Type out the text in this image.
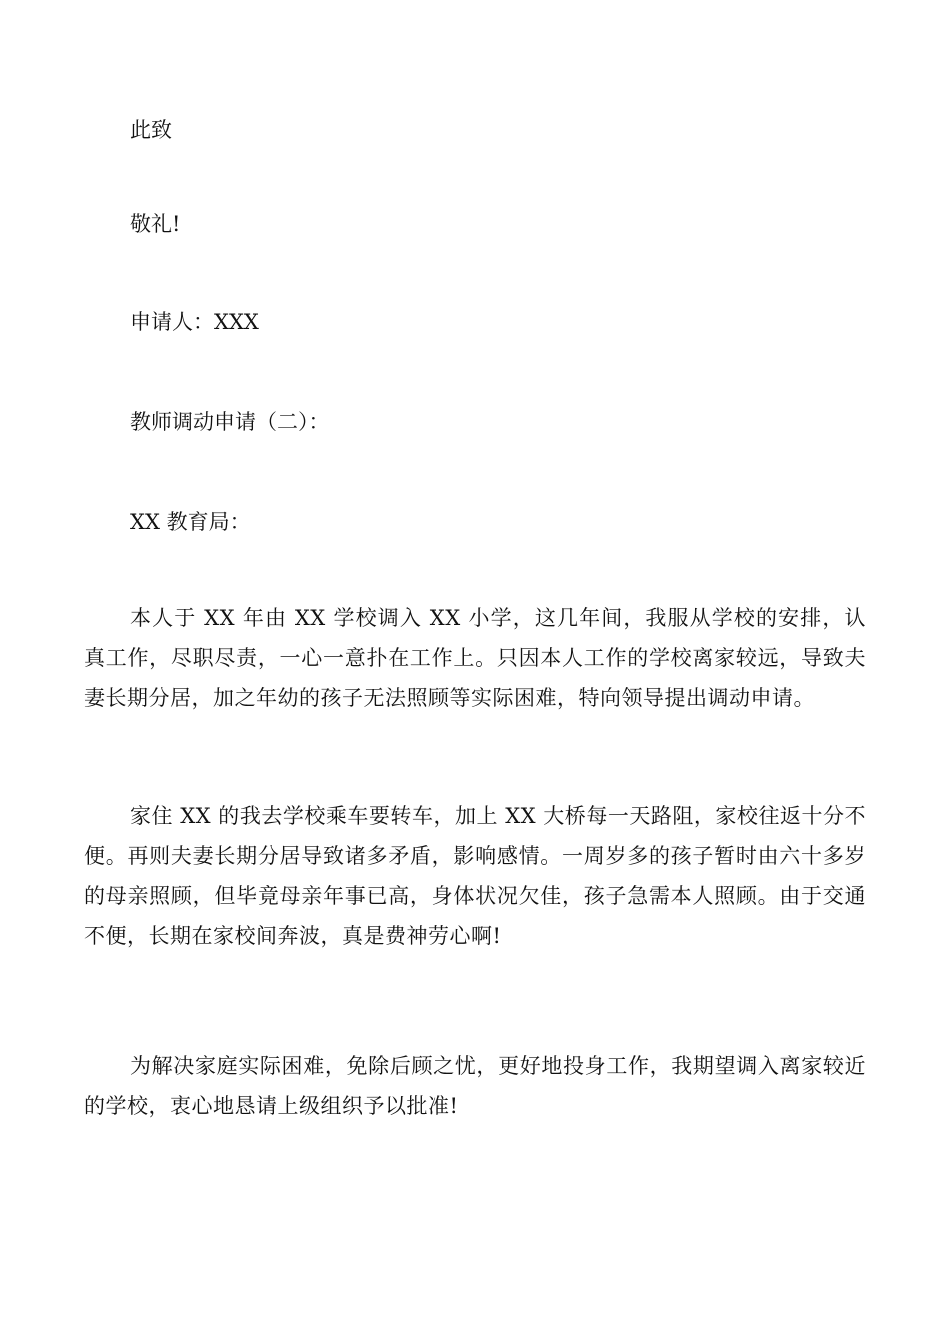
此致
敬礼!
申请人：XXX
教师调动申请（二）：
XX 教育局：
本人于 XX 年由 XX 学校调入 XX 小学，这几年间，我服从学校的安排，认真工作，尽职尽责，一心一意扑在工作上。只因本人工作的学校离家较远，导致夫妻长期分居，加之年幼的孩子无法照顾等实际困难，特向领导提出调动申请。
家住 XX 的我去学校乘车要转车，加上 XX 大桥每一天路阻，家校往返十分不便。再则夫妻长期分居导致诸多矛盾，影响感情。一周岁多的孩子暂时由六十多岁的母亲照顾，但毕竟母亲年事已高，身体状况欠佳，孩子急需本人照顾。由于交通不便，长期在家校间奔波，真是费神劳心啊!
为解决家庭实际困难，免除后顾之忧，更好地投身工作，我期望调入离家较近的学校，衷心地恳请上级组织予以批准!
